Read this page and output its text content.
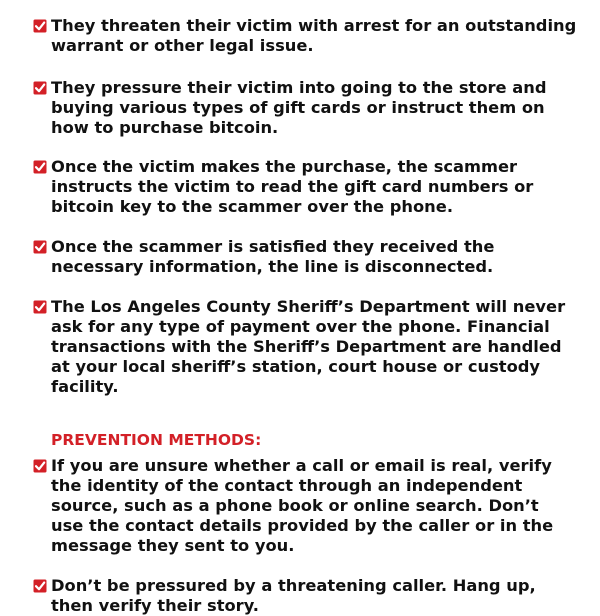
They threaten their victim with arrest for an outstanding
warrant or other legal issue.
They pressure their victim into going to the store and
buying various types of gift cards or instruct them on
how to purchase bitcoin.
Once the victim makes the purchase, the scammer
instructs the victim to read the gift card numbers or
bitcoin key to the scammer over the phone.
Once the scammer is satisfied they received the
necessary information, the line is disconnected.
The Los Angeles County Sheriff’s Department will never
ask for any type of payment over the phone. Financial
transactions with the Sheriff’s Department are handled
at your local sheriff’s station, court house or custody
facility.
PREVENTION METHODS:
If you are unsure whether a call or email is real, verify
the identity of the contact through an independent
source, such as a phone book or online search. Don’t
use the contact details provided by the caller or in the
message they sent to you.
Don’t be pressured by a threatening caller. Hang up,
then verify their story.
